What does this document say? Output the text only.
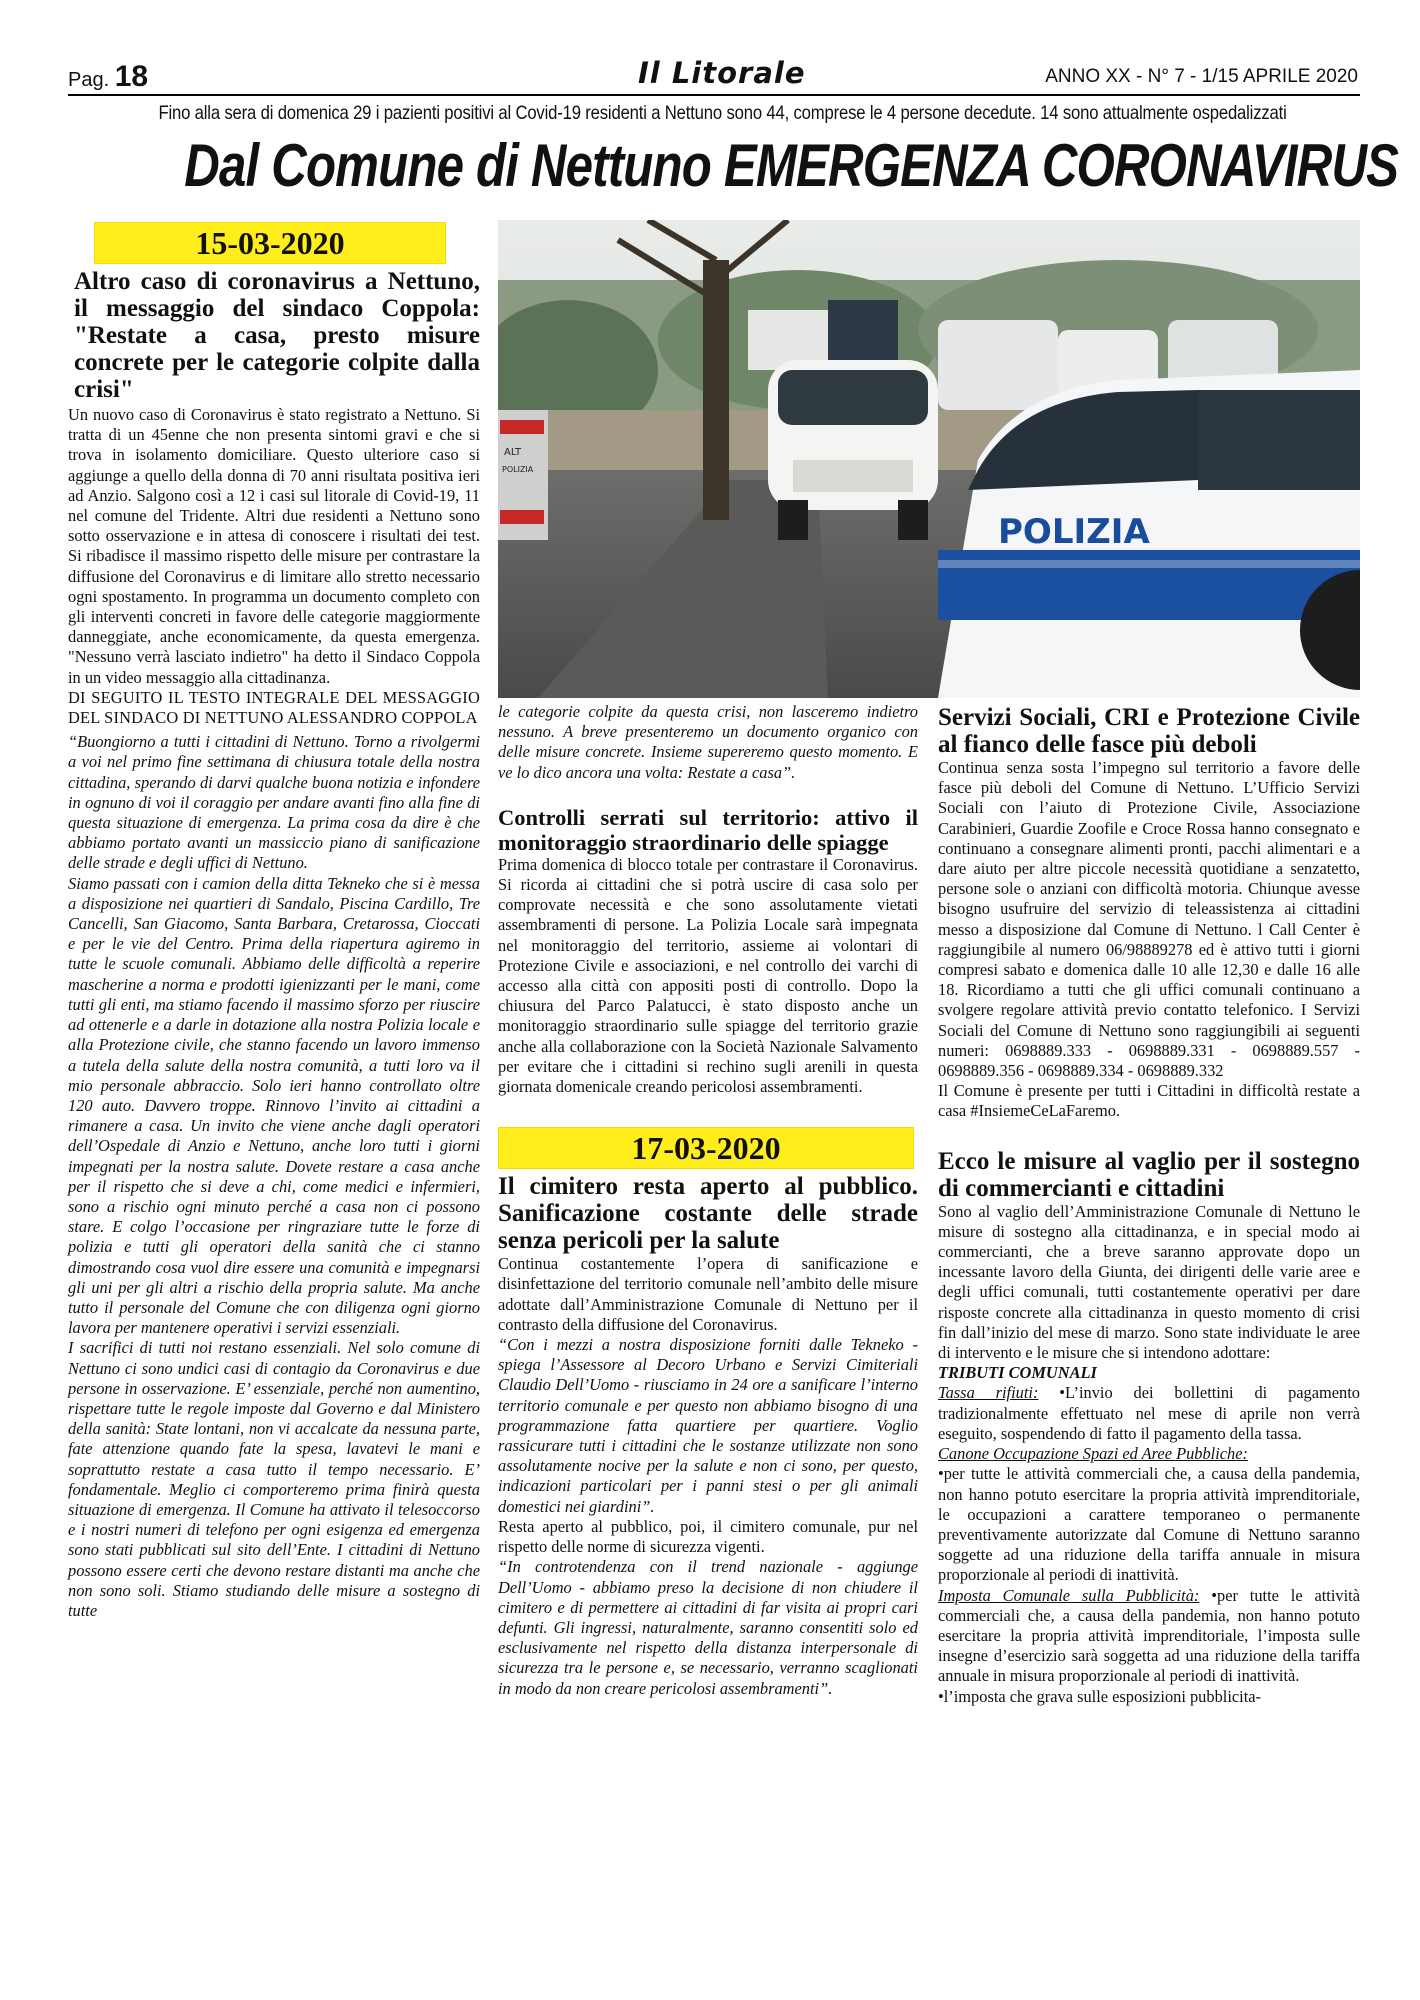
Pag. 18	Il Litorale	ANNO XX - N° 7 - 1/15 APRILE 2020
Fino alla sera di domenica 29 i pazienti positivi al Covid-19 residenti a Nettuno sono 44, comprese le 4 persone decedute. 14 sono attualmente ospedalizzati
Dal Comune di Nettuno EMERGENZA CORONAVIRUS
15-03-2020
Altro caso di coronavirus a Nettuno, il messaggio del sindaco Coppola: "Restate a casa, presto misure concrete per le categorie colpite dalla crisi"

Un nuovo caso di Coronavirus è stato registrato a Nettuno. Si tratta di un 45enne che non presenta sintomi gravi e che si trova in isolamento domiciliare. Questo ulteriore caso si aggiunge a quello della donna di 70 anni risultata positiva ieri ad Anzio. Salgono così a 12 i casi sul litorale di Covid-19, 11 nel comune del Tridente. Altri due residenti a Nettuno sono sotto osservazione e in attesa di conoscere i risultati dei test. Si ribadisce il massimo rispetto delle misure per contrastare la diffusione del Coronavirus e di limitare allo stretto necessario ogni spostamento. In programma un documento completo con gli interventi concreti in favore delle categorie maggiormente danneggiate, anche economicamente, da questa emergenza. "Nessuno verrà lasciato indietro" ha detto il Sindaco Coppola in un video messaggio alla cittadinanza.

DI SEGUITO IL TESTO INTEGRALE DEL MESSAGGIO DEL SINDACO DI NETTUNO ALESSANDRO COPPOLA

“Buongiorno a tutti i cittadini di Nettuno. Torno a rivolgermi a voi nel primo fine settimana di chiusura totale della nostra cittadina, sperando di darvi qualche buona notizia e infondere in ognuno di voi il coraggio per andare avanti fino alla fine di questa situazione di emergenza. La prima cosa da dire è che abbiamo portato avanti un massiccio piano di sanificazione delle strade e degli uffici di Nettuno.

Siamo passati con i camion della ditta Tekneko che si è messa a disposizione nei quartieri di Sandalo, Piscina Cardillo, Tre Cancelli, San Giacomo, Santa Barbara, Cretarossa, Cioccati e per le vie del Centro. Prima della riapertura agiremo in tutte le scuole comunali. Abbiamo delle difficoltà a reperire mascherine a norma e prodotti igienizzanti per le mani, come tutti gli enti, ma stiamo facendo il massimo sforzo per riuscire ad ottenerle e a darle in dotazione alla nostra Polizia locale e alla Protezione civile, che stanno facendo un lavoro immenso a tutela della salute della nostra comunità, a tutti loro va il mio personale abbraccio. Solo ieri hanno controllato oltre 120 auto. Davvero troppe. Rinnovo l’invito ai cittadini a rimanere a casa. Un invito che viene anche dagli operatori dell’Ospedale di Anzio e Nettuno, anche loro tutti i giorni impegnati per la nostra salute. Dovete restare a casa anche per il rispetto che si deve a chi, come medici e infermieri, sono a rischio ogni minuto perché a casa non ci possono stare. E colgo l’occasione per ringraziare tutte le forze di polizia e tutti gli operatori della sanità che ci stanno dimostrando cosa vuol dire essere una comunità e impegnarsi gli uni per gli altri a rischio della propria salute. Ma anche tutto il personale del Comune che con diligenza ogni giorno lavora per mantenere operativi i servizi essenziali.

I sacrifici di tutti noi restano essenziali. Nel solo comune di Nettuno ci sono undici casi di contagio da Coronavirus e due persone in osservazione. E’ essenziale, perché non aumentino, rispettare tutte le regole imposte dal Governo e dal Ministero della sanità: State lontani, non vi accalcate da nessuna parte, fate attenzione quando fate la spesa, lavatevi le mani e soprattutto restate a casa tutto il tempo necessario. E’ fondamentale. Meglio ci comporteremo prima finirà questa situazione di emergenza. Il Comune ha attivato il telesoccorso e i nostri numeri di telefono per ogni esigenza ed emergenza sono stati pubblicati sul sito dell’Ente. I cittadini di Nettuno possono essere certi che devono restare distanti ma anche che non sono soli. Stiamo studiando delle misure a sostegno di tutte

POLIZIA
ALT
POLIZIA

le categorie colpite da questa crisi, non lasceremo indietro nessuno. A breve presenteremo un documento organico con delle misure concrete. Insieme supereremo questo momento. E ve lo dico ancora una volta: Restate a casa”.

Controlli serrati sul territorio: attivo il monitoraggio straordinario delle spiagge

Prima domenica di blocco totale per contrastare il Coronavirus. Si ricorda ai cittadini che si potrà uscire di casa solo per comprovate necessità e che sono assolutamente vietati assembramenti di persone. La Polizia Locale sarà impegnata nel monitoraggio del territorio, assieme ai volontari di Protezione Civile e associazioni, e nel controllo dei varchi di accesso alla città con appositi posti di controllo. Dopo la chiusura del Parco Palatucci, è stato disposto anche un monitoraggio straordinario sulle spiagge del territorio grazie anche alla collaborazione con la Società Nazionale Salvamento per evitare che i cittadini si rechino sugli arenili in questa giornata domenicale creando pericolosi assembramenti.

17-03-2020
Il cimitero resta aperto al pubblico. Sanificazione costante delle strade senza pericoli per la salute

Continua costantemente l’opera di sanificazione e disinfettazione del territorio comunale nell’ambito delle misure adottate dall’Amministrazione Comunale di Nettuno per il contrasto della diffusione del Coronavirus.

“Con i mezzi a nostra disposizione forniti dalle Tekneko - spiega l’Assessore al Decoro Urbano e Servizi Cimiteriali Claudio Dell’Uomo - riusciamo in 24 ore a sanificare l’interno territorio comunale e per questo non abbiamo bisogno di una programmazione fatta quartiere per quartiere. Voglio rassicurare tutti i cittadini che le sostanze utilizzate non sono assolutamente nocive per la salute e non ci sono, per questo, indicazioni particolari per i panni stesi o per gli animali domestici nei giardini”.

Resta aperto al pubblico, poi, il cimitero comunale, pur nel rispetto delle norme di sicurezza vigenti.

“In controtendenza con il trend nazionale - aggiunge Dell’Uomo - abbiamo preso la decisione di non chiudere il cimitero e di permettere ai cittadini di far visita ai propri cari defunti. Gli ingressi, naturalmente, saranno consentiti solo ed esclusivamente nel rispetto della distanza interpersonale di sicurezza tra le persone e, se necessario, verranno scaglionati in modo da non creare pericolosi assembramenti”.

Servizi Sociali, CRI e Protezione Civile al fianco delle fasce più deboli

Continua senza sosta l’impegno sul territorio a favore delle fasce più deboli del Comune di Nettuno. L’Ufficio Servizi Sociali con l’aiuto di Protezione Civile, Associazione Carabinieri, Guardie Zoofile e Croce Rossa hanno consegnato e continuano a consegnare alimenti pronti, pacchi alimentari e a dare aiuto per altre piccole necessità quotidiane a senzatetto, persone sole o anziani con difficoltà motoria. Chiunque avesse bisogno usufruire del servizio di teleassistenza ai cittadini messo a disposizione dal Comune di Nettuno. l Call Center è raggiungibile al numero 06/98889278 ed è attivo tutti i giorni compresi sabato e domenica dalle 10 alle 12,30 e dalle 16 alle 18. Ricordiamo a tutti che gli uffici comunali continuano a svolgere regolare attività previo contatto telefonico. I Servizi Sociali del Comune di Nettuno sono raggiungibili ai seguenti numeri: 0698889.333 - 0698889.331 - 0698889.557 - 0698889.356 - 0698889.334 - 0698889.332

Il Comune è presente per tutti i Cittadini in difficoltà restate a casa #InsiemeCeLaFaremo.

Ecco le misure al vaglio per il sostegno di commercianti e cittadini

Sono al vaglio dell’Amministrazione Comunale di Nettuno le misure di sostegno alla cittadinanza, e in special modo ai commercianti, che a breve saranno approvate dopo un incessante lavoro della Giunta, dei dirigenti delle varie aree e degli uffici comunali, tutti costantemente operativi per dare risposte concrete alla cittadinanza in questo momento di crisi fin dall’inizio del mese di marzo. Sono state individuate le aree di intervento e le misure che si intendono adottare:

TRIBUTI COMUNALI

Tassa rifiuti: •L’invio dei bollettini di pagamento tradizionalmente effettuato nel mese di aprile non verrà eseguito, sospendendo di fatto il pagamento della tassa.

Canone Occupazione Spazi ed Aree Pubbliche:

•per tutte le attività commerciali che, a causa della pandemia, non hanno potuto esercitare la propria attività imprenditoriale, le occupazioni a carattere temporaneo o permanente preventivamente autorizzate dal Comune di Nettuno saranno soggette ad una riduzione della tariffa annuale in misura proporzionale al periodi di inattività.

Imposta Comunale sulla Pubblicità: •per tutte le attività commerciali che, a causa della pandemia, non hanno potuto esercitare la propria attività imprenditoriale, l’imposta sulle insegne d’esercizio sarà soggetta ad una riduzione della tariffa annuale in misura proporzionale al periodi di inattività.

•l’imposta che grava sulle esposizioni pubblicita-
